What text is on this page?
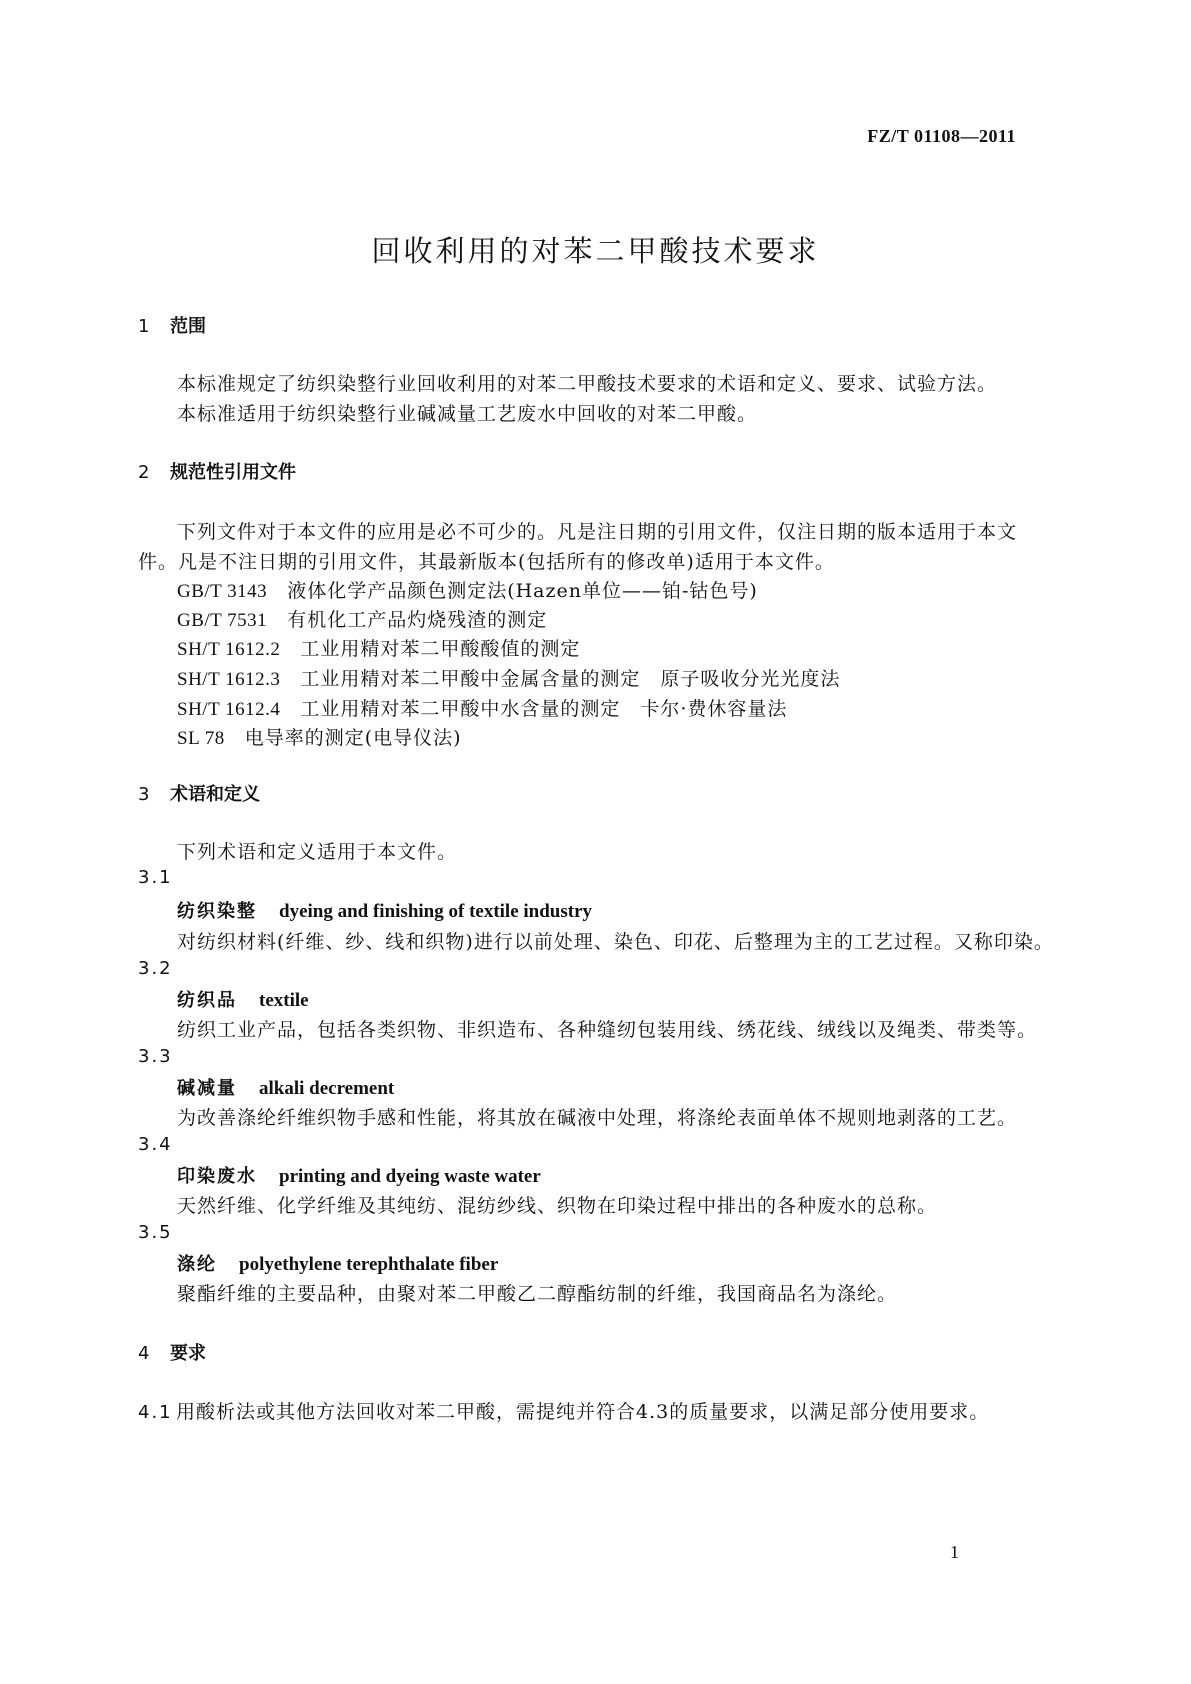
FZ/T 01108—2011
回收利用的对苯二甲酸技术要求
1 范围
本标准规定了纺织染整行业回收利用的对苯二甲酸技术要求的术语和定义、要求、试验方法。
本标准适用于纺织染整行业碱减量工艺废水中回收的对苯二甲酸。
2 规范性引用文件
下列文件对于本文件的应用是必不可少的。凡是注日期的引用文件，仅注日期的版本适用于本文
件。凡是不注日期的引用文件，其最新版本(包括所有的修改单)适用于本文件。
GB/T 3143　 液体化学产品颜色测定法(Hazen单位——铂-钴色号)
GB/T 7531　 有机化工产品灼烧残渣的测定
SH/T 1612.2　 工业用精对苯二甲酸酸值的测定
SH/T 1612.3　 工业用精对苯二甲酸中金属含量的测定　原子吸收分光光度法
SH/T 1612.4　 工业用精对苯二甲酸中水含量的测定　卡尔·费休容量法
SL 78　 电导率的测定(电导仪法)
3 术语和定义
下列术语和定义适用于本文件。
3.1
纺织染整 dyeing and finishing of textile industry
对纺织材料(纤维、纱、线和织物)进行以前处理、染色、印花、后整理为主的工艺过程。又称印染。
3.2
纺织品 textile
纺织工业产品，包括各类织物、非织造布、各种缝纫包装用线、绣花线、绒线以及绳类、带类等。
3.3
碱减量 alkali decrement
为改善涤纶纤维织物手感和性能，将其放在碱液中处理，将涤纶表面单体不规则地剥落的工艺。
3.4
印染废水 printing and dyeing waste water
天然纤维、化学纤维及其纯纺、混纺纱线、织物在印染过程中排出的各种废水的总称。
3.5
涤纶 polyethylene terephthalate fiber
聚酯纤维的主要品种，由聚对苯二甲酸乙二醇酯纺制的纤维，我国商品名为涤纶。
4 要求
4.1 用酸析法或其他方法回收对苯二甲酸，需提纯并符合4.3的质量要求，以满足部分使用要求。
1
